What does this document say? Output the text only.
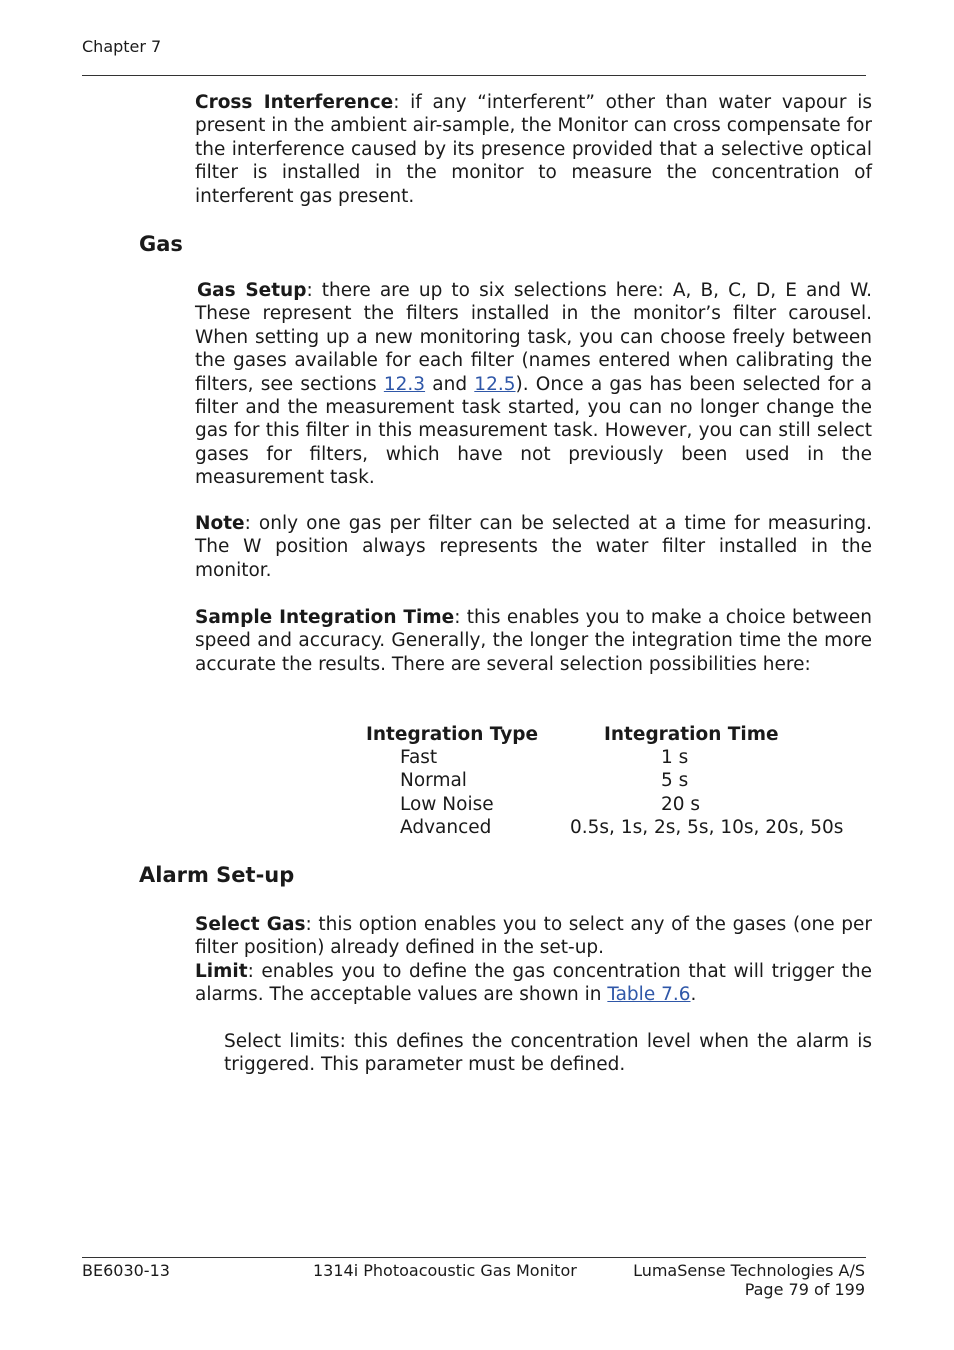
Chapter 7
Cross Interference: if any “interferent” other than water vapour is present in the ambient air-sample, the Monitor can cross compensate for the interference caused by its presence provided that a selective optical filter is installed in the monitor to measure the concentration of interferent gas present.
Gas
Gas Setup: there are up to six selections here: A, B, C, D, E and W. These represent the filters installed in the monitor’s filter carousel. When setting up a new monitoring task, you can choose freely between the gases available for each filter (names entered when calibrating the filters, see sections 12.3 and 12.5). Once a gas has been selected for a filter and the measurement task started, you can no longer change the gas for this filter in this measurement task. However, you can still select gases for filters, which have not previously been used in the measurement task.
Note: only one gas per filter can be selected at a time for measuring. The W position always represents the water filter installed in the monitor.
Sample Integration Time: this enables you to make a choice between speed and accuracy. Generally, the longer the integration time the more accurate the results. There are several selection possibilities here:
Integration Type	Integration Time
Fast	1 s
Normal	5 s
Low Noise	20 s
Advanced	0.5s, 1s, 2s, 5s, 10s, 20s, 50s
Alarm Set-up
Select Gas: this option enables you to select any of the gases (one per filter position) already defined in the set-up.
Limit: enables you to define the gas concentration that will trigger the alarms. The acceptable values are shown in Table 7.6.
Select limits: this defines the concentration level when the alarm is triggered. This parameter must be defined.
BE6030-13	1314i Photoacoustic Gas Monitor	LumaSense Technologies A/S
Page 79 of 199
